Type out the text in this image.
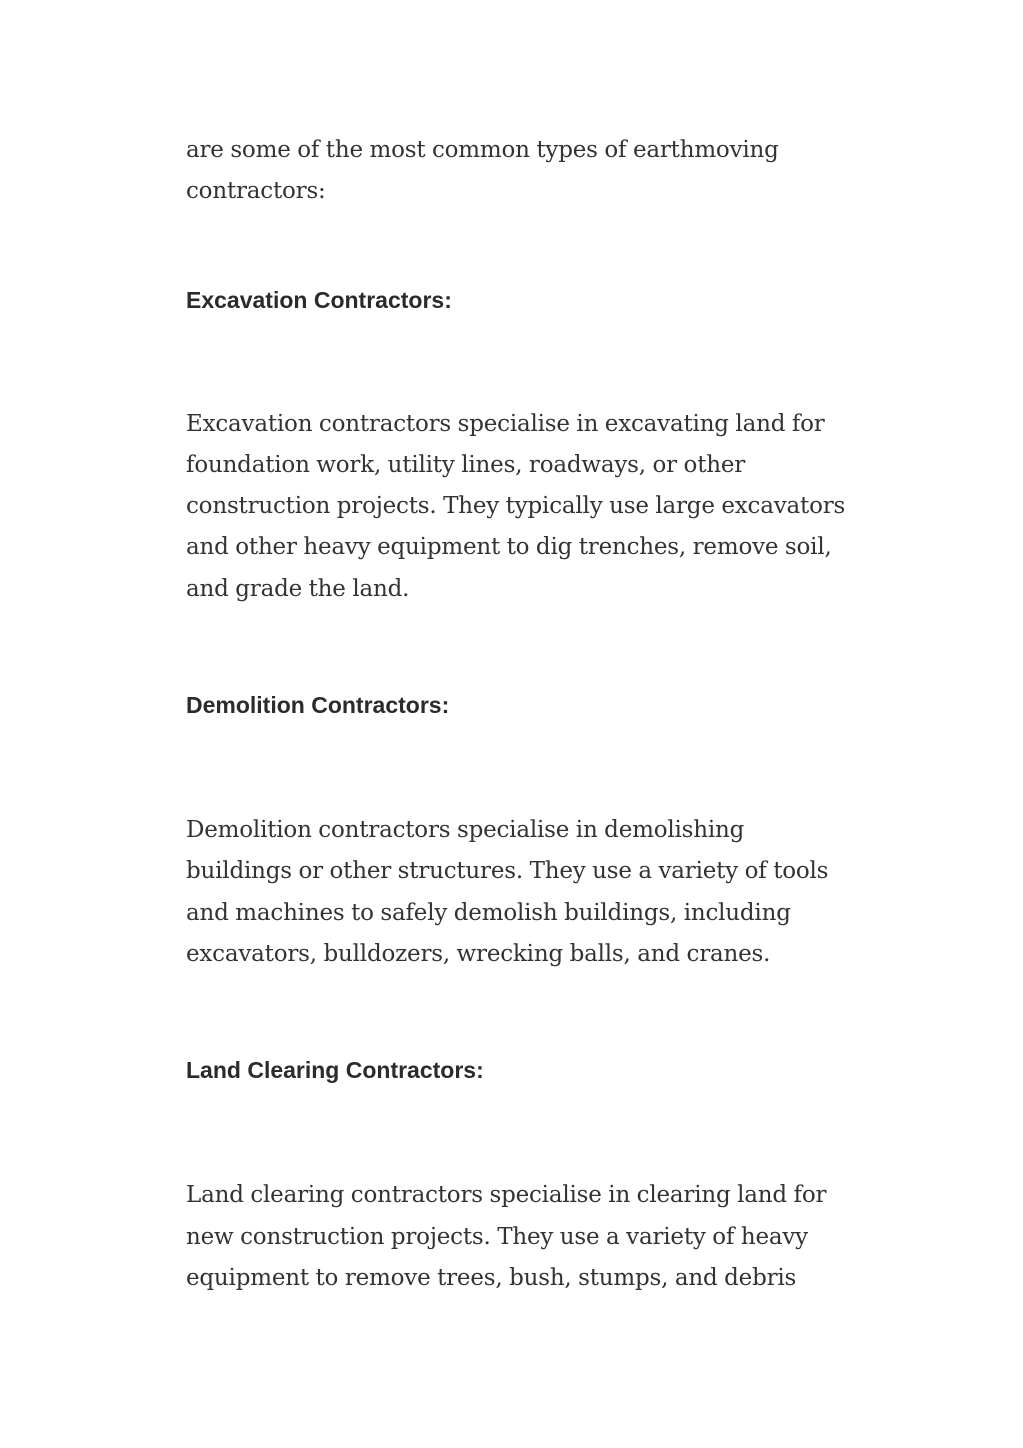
are some of the most common types of earthmoving contractors:

Excavation Contractors:

Excavation contractors specialise in excavating land for foundation work, utility lines, roadways, or other construction projects. They typically use large excavators and other heavy equipment to dig trenches, remove soil, and grade the land.

Demolition Contractors:

Demolition contractors specialise in demolishing buildings or other structures. They use a variety of tools and machines to safely demolish buildings, including excavators, bulldozers, wrecking balls, and cranes.

Land Clearing Contractors:

Land clearing contractors specialise in clearing land for new construction projects. They use a variety of heavy equipment to remove trees, bush, stumps, and debris
